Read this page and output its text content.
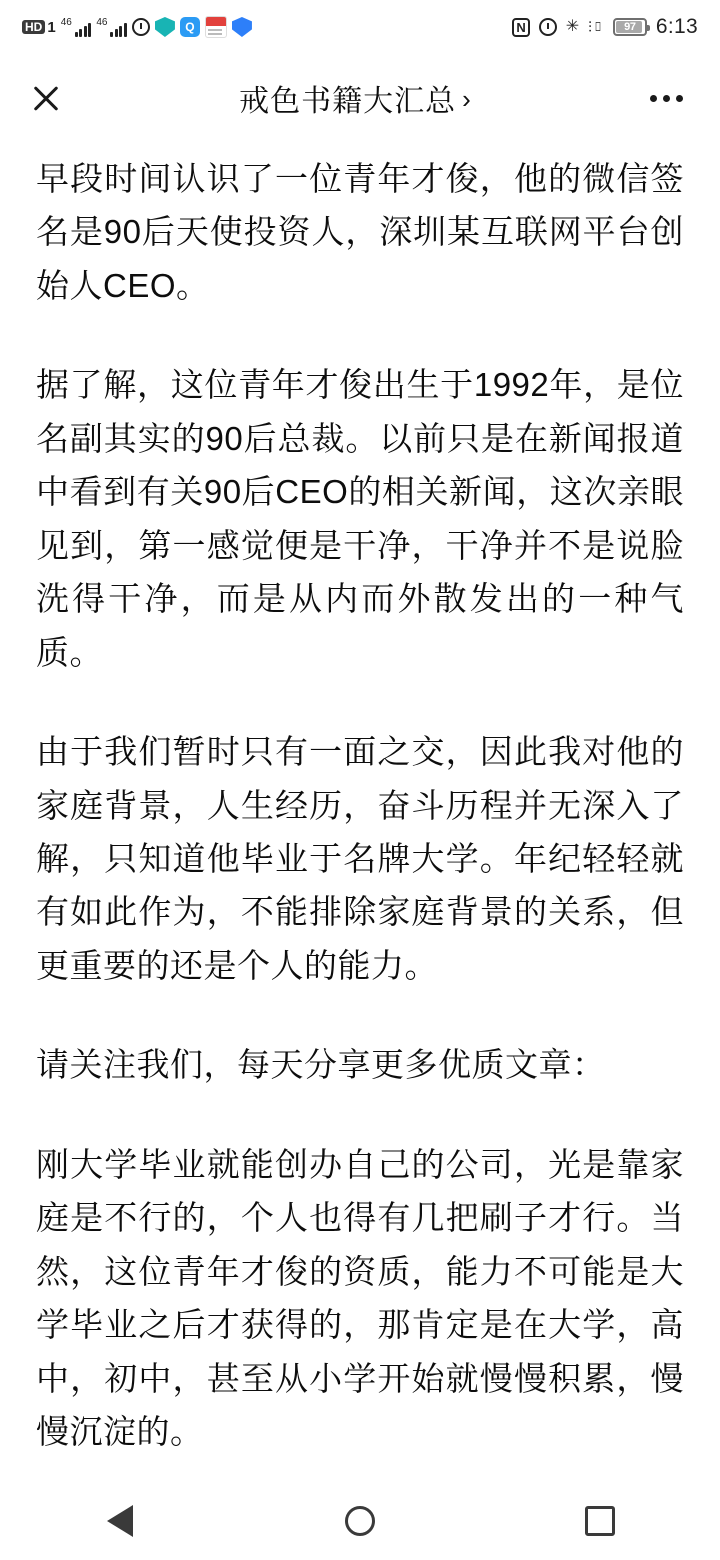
HD 1 46 46	Q	N	✳ ⫶▯ 97 6:13
戒色书籍大汇总 ›

早段时间认识了一位青年才俊，他的微信签名是90后天使投资人，深圳某互联网平台创始人CEO。

据了解，这位青年才俊出生于1992年，是位名副其实的90后总裁。以前只是在新闻报道中看到有关90后CEO的相关新闻，这次亲眼见到，第一感觉便是干净，干净并不是说脸洗得干净，而是从内而外散发出的一种气质。

由于我们暂时只有一面之交，因此我对他的家庭背景，人生经历，奋斗历程并无深入了解，只知道他毕业于名牌大学。年纪轻轻就有如此作为，不能排除家庭背景的关系，但更重要的还是个人的能力。

请关注我们，每天分享更多优质文章：

刚大学毕业就能创办自己的公司，光是靠家庭是不行的，个人也得有几把刷子才行。当然，这位青年才俊的资质，能力不可能是大学毕业之后才获得的，那肯定是在大学，高中，初中，甚至从小学开始就慢慢积累，慢慢沉淀的。
